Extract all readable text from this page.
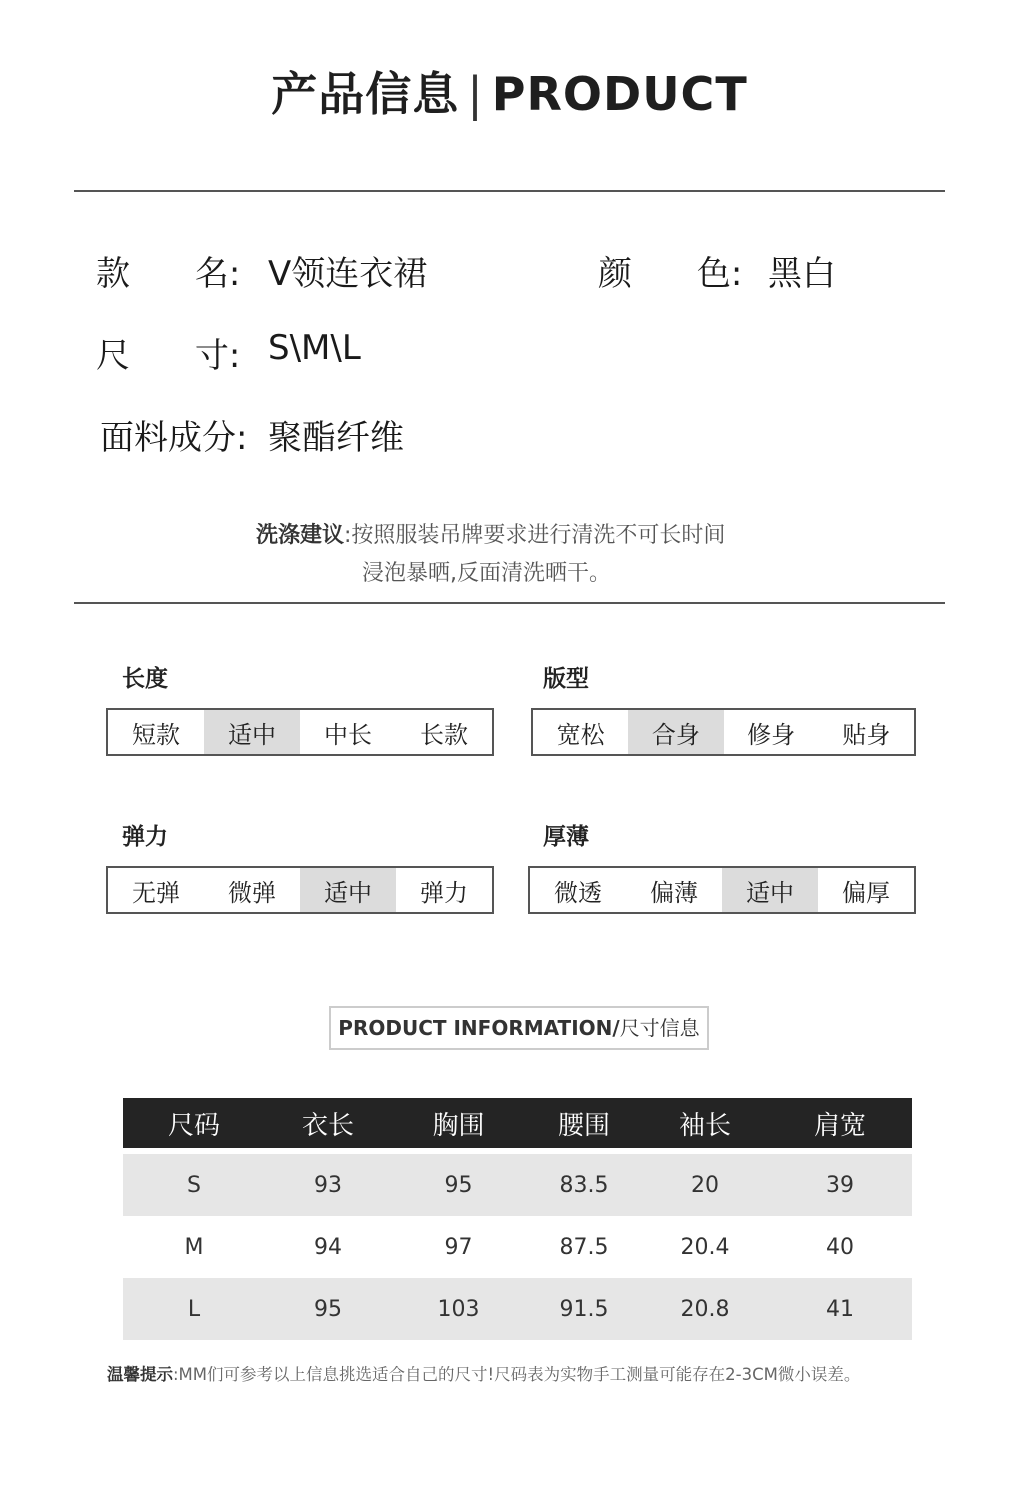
产品信息 | PRODUCT
款      名: V领连衣裙	颜      色: 黑白
尺      寸: S\M\L
面料成分: 聚酯纤维
洗涤建议:按照服装吊牌要求进行清洗不可长时间
浸泡暴晒,反面清洗晒干。
长度
短款	适中	中长	长款
版型
宽松	合身	修身	贴身
弹力
无弹	微弹	适中	弹力
厚薄
微透	偏薄	适中	偏厚
PRODUCT INFORMATION/尺寸信息
尺码	衣长	胸围	腰围	袖长	肩宽

S	93	95	83.5	20	39
M	94	97	87.5	20.4	40
L	95	103	91.5	20.8	41
温馨提示:MM们可参考以上信息挑选适合自己的尺寸!尺码表为实物手工测量可能存在2-3CM微小误差。
